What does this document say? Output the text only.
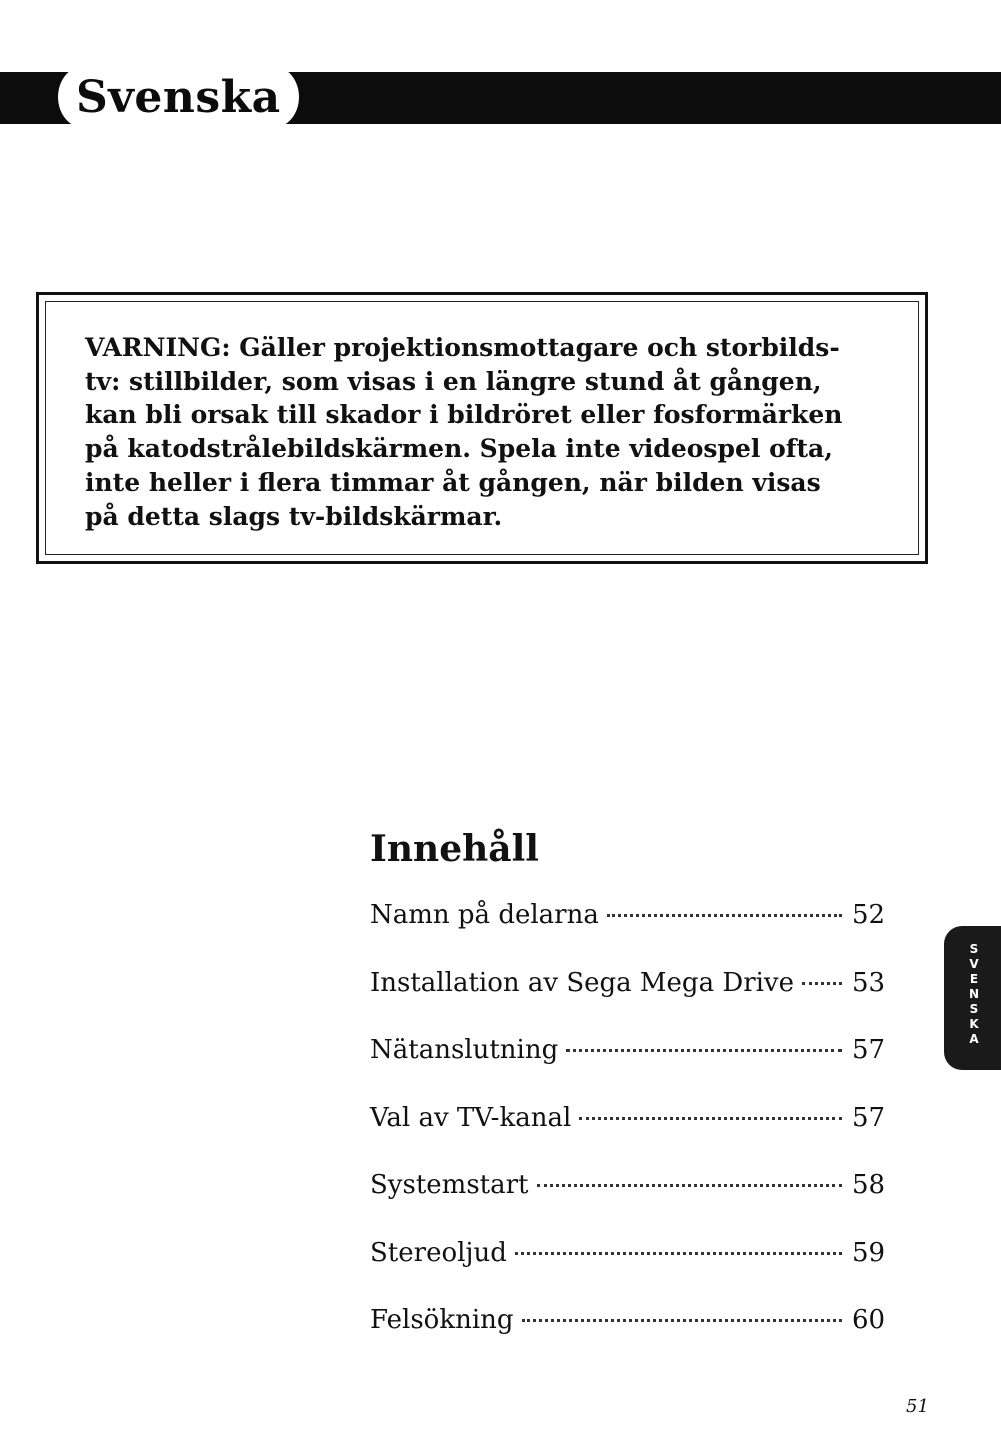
Svenska

VARNING: Gäller projektionsmottagare och storbilds-
tv: stillbilder, som visas i en längre stund åt gången,
kan bli orsak till skador i bildröret eller fosformärken
på katodstrålebildskärmen. Spela inte videospel ofta,
inte heller i flera timmar åt gången, när bilden visas
på detta slags tv-bildskärmar.

Innehåll
Namn på delarna	52
Installation av Sega Mega Drive 53
Nätanslutning	57
Val av TV-kanal	57
Systemstart	58
Stereoljud	59
Felsökning	60
S
V
E
N
S
K
A
51
